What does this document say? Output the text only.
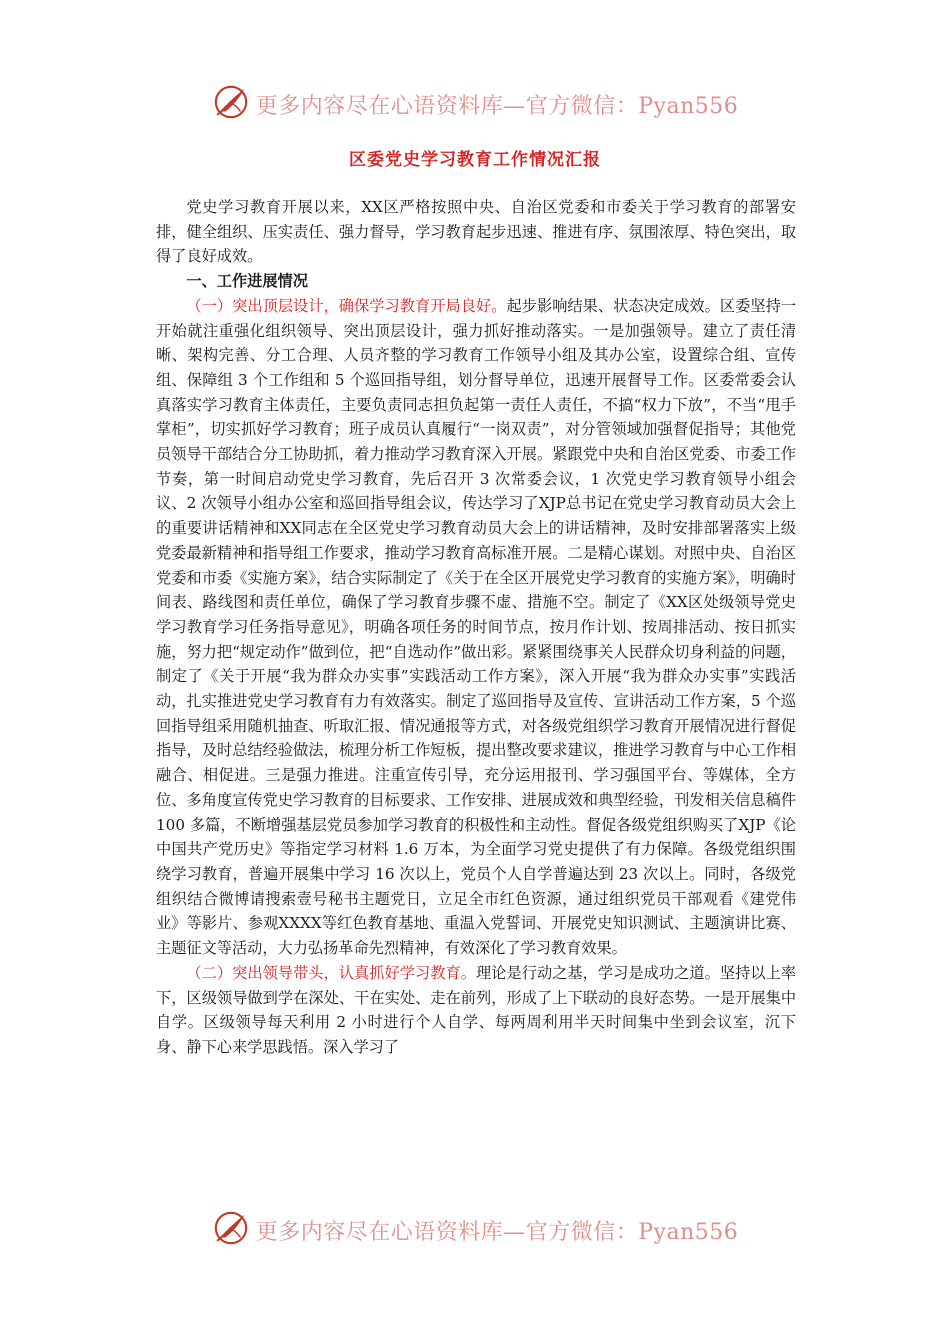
更多内容尽在心语资料库—官方微信：Pyan556
区委党史学习教育工作情况汇报

党史学习教育开展以来，XX区严格按照中央、自治区党委和市委关于学习教育的部署安排，健全组织、压实责任、强力督导，学习教育起步迅速、推进有序、氛围浓厚、特色突出，取得了良好成效。

一、工作进展情况

（一）突出顶层设计，确保学习教育开局良好。起步影响结果、状态决定成效。区委坚持一开始就注重强化组织领导、突出顶层设计，强力抓好推动落实。一是加强领导。建立了责任清晰、架构完善、分工合理、人员齐整的学习教育工作领导小组及其办公室，设置综合组、宣传组、保障组 3 个工作组和 5 个巡回指导组，划分督导单位，迅速开展督导工作。区委常委会认真落实学习教育主体责任，主要负责同志担负起第一责任人责任，不搞“权力下放”，不当“甩手掌柜”，切实抓好学习教育；班子成员认真履行“一岗双责”，对分管领域加强督促指导；其他党员领导干部结合分工协助抓，着力推动学习教育深入开展。紧跟党中央和自治区党委、市委工作节奏，第一时间启动党史学习教育，先后召开 3 次常委会议，1 次党史学习教育领导小组会议、2 次领导小组办公室和巡回指导组会议，传达学习了XJP总书记在党史学习教育动员大会上的重要讲话精神和XX同志在全区党史学习教育动员大会上的讲话精神，及时安排部署落实上级党委最新精神和指导组工作要求，推动学习教育高标准开展。二是精心谋划。对照中央、自治区党委和市委《实施方案》，结合实际制定了《关于在全区开展党史学习教育的实施方案》，明确时间表、路线图和责任单位，确保了学习教育步骤不虚、措施不空。制定了《XX区处级领导党史学习教育学习任务指导意见》，明确各项任务的时间节点，按月作计划、按周排活动、按日抓实施，努力把“规定动作”做到位，把“自选动作”做出彩。紧紧围绕事关人民群众切身利益的问题，制定了《关于开展“我为群众办实事”实践活动工作方案》，深入开展“我为群众办实事”实践活动，扎实推进党史学习教育有力有效落实。制定了巡回指导及宣传、宣讲活动工作方案，5 个巡回指导组采用随机抽查、听取汇报、情况通报等方式，对各级党组织学习教育开展情况进行督促指导，及时总结经验做法，梳理分析工作短板，提出整改要求建议，推进学习教育与中心工作相融合、相促进。三是强力推进。注重宣传引导，充分运用报刊、学习强国平台、等媒体，全方位、多角度宣传党史学习教育的目标要求、工作安排、进展成效和典型经验，刊发相关信息稿件 100 多篇，不断增强基层党员参加学习教育的积极性和主动性。督促各级党组织购买了XJP《论中国共产党历史》等指定学习材料 1.6 万本，为全面学习党史提供了有力保障。各级党组织围绕学习教育，普遍开展集中学习 16 次以上，党员个人自学普遍达到 23 次以上。同时，各级党组织结合微博请搜索壹号秘书主题党日，立足全市红色资源，通过组织党员干部观看《建党伟业》等影片、参观XXXX等红色教育基地、重温入党誓词、开展党史知识测试、主题演讲比赛、主题征文等活动，大力弘扬革命先烈精神，有效深化了学习教育效果。

（二）突出领导带头，认真抓好学习教育。理论是行动之基，学习是成功之道。坚持以上率下，区级领导做到学在深处、干在实处、走在前列，形成了上下联动的良好态势。一是开展集中自学。区级领导每天利用 2 小时进行个人自学、每两周利用半天时间集中坐到会议室，沉下身、静下心来学思践悟。深入学习了

更多内容尽在心语资料库—官方微信：Pyan556
